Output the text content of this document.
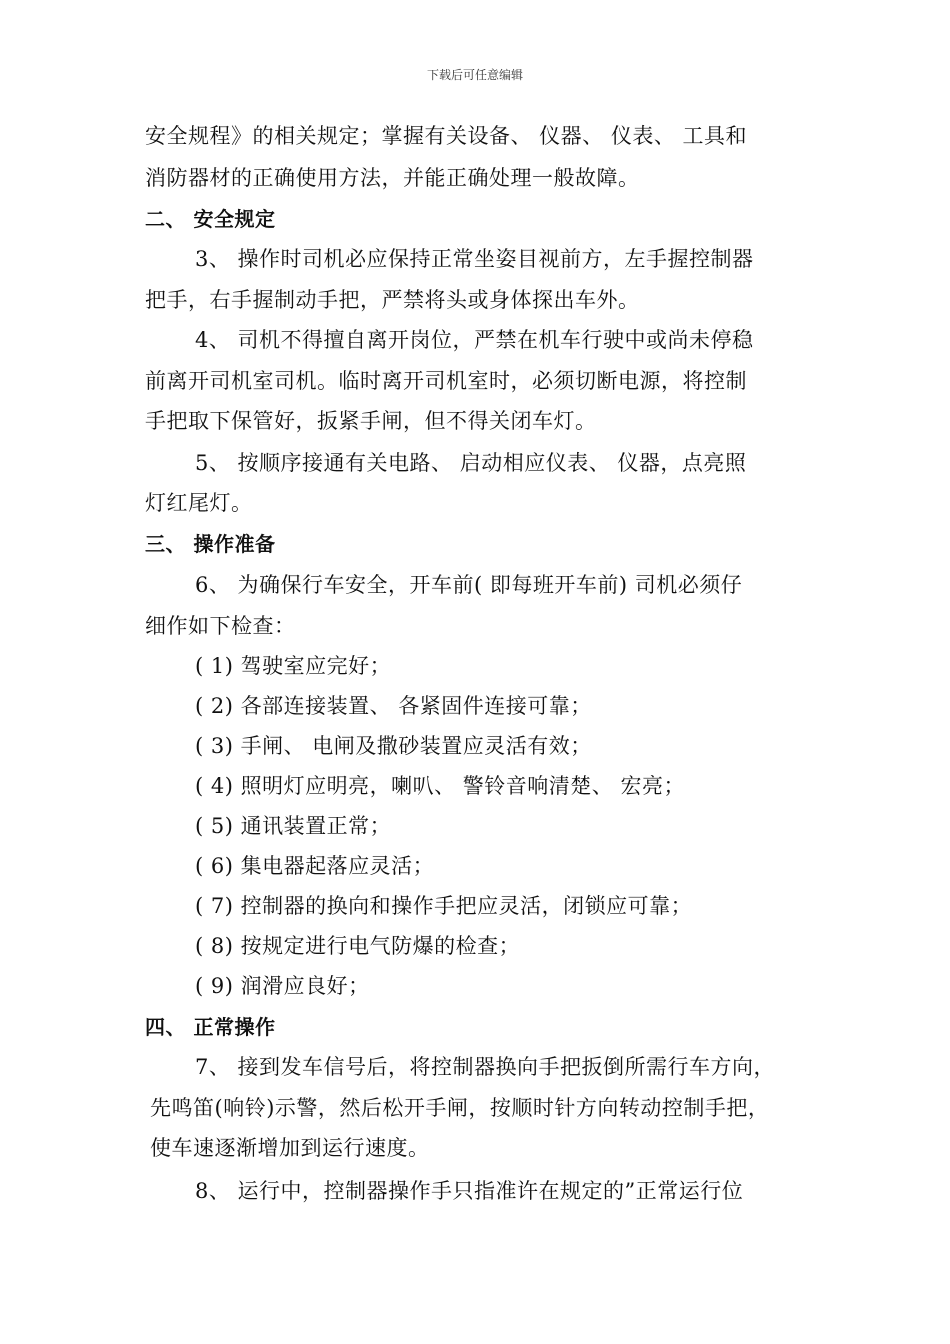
下载后可任意编辑
安全规程》的相关规定；掌握有关设备、 仪器、 仪表、 工具和
消防器材的正确使用方法，并能正确处理一般故障。
二、 安全规定
3、 操作时司机必应保持正常坐姿目视前方，左手握控制器
把手，右手握制动手把，严禁将头或身体探出车外。
4、 司机不得擅自离开岗位，严禁在机车行驶中或尚未停稳
前离开司机室司机。临时离开司机室时，必须切断电源，将控制
手把取下保管好，扳紧手闸，但不得关闭车灯。
5、 按顺序接通有关电路、 启动相应仪表、 仪器，点亮照
灯红尾灯。
三、 操作准备
6、 为确保行车安全，开车前( 即每班开车前) 司机必须仔
细作如下检查：
( 1) 驾驶室应完好；
( 2) 各部连接装置、 各紧固件连接可靠；
( 3) 手闸、 电闸及撒砂装置应灵活有效；
( 4) 照明灯应明亮，喇叭、 警铃音响清楚、 宏亮；
( 5) 通讯装置正常；
( 6) 集电器起落应灵活；
( 7) 控制器的换向和操作手把应灵活，闭锁应可靠；
( 8) 按规定进行电气防爆的检查；
( 9) 润滑应良好；
四、 正常操作
7、 接到发车信号后，将控制器换向手把扳倒所需行车方向，
先鸣笛(响铃)示警，然后松开手闸，按顺时针方向转动控制手把，
使车速逐渐增加到运行速度。
8、 运行中，控制器操作手只指准许在规定的”正常运行位
